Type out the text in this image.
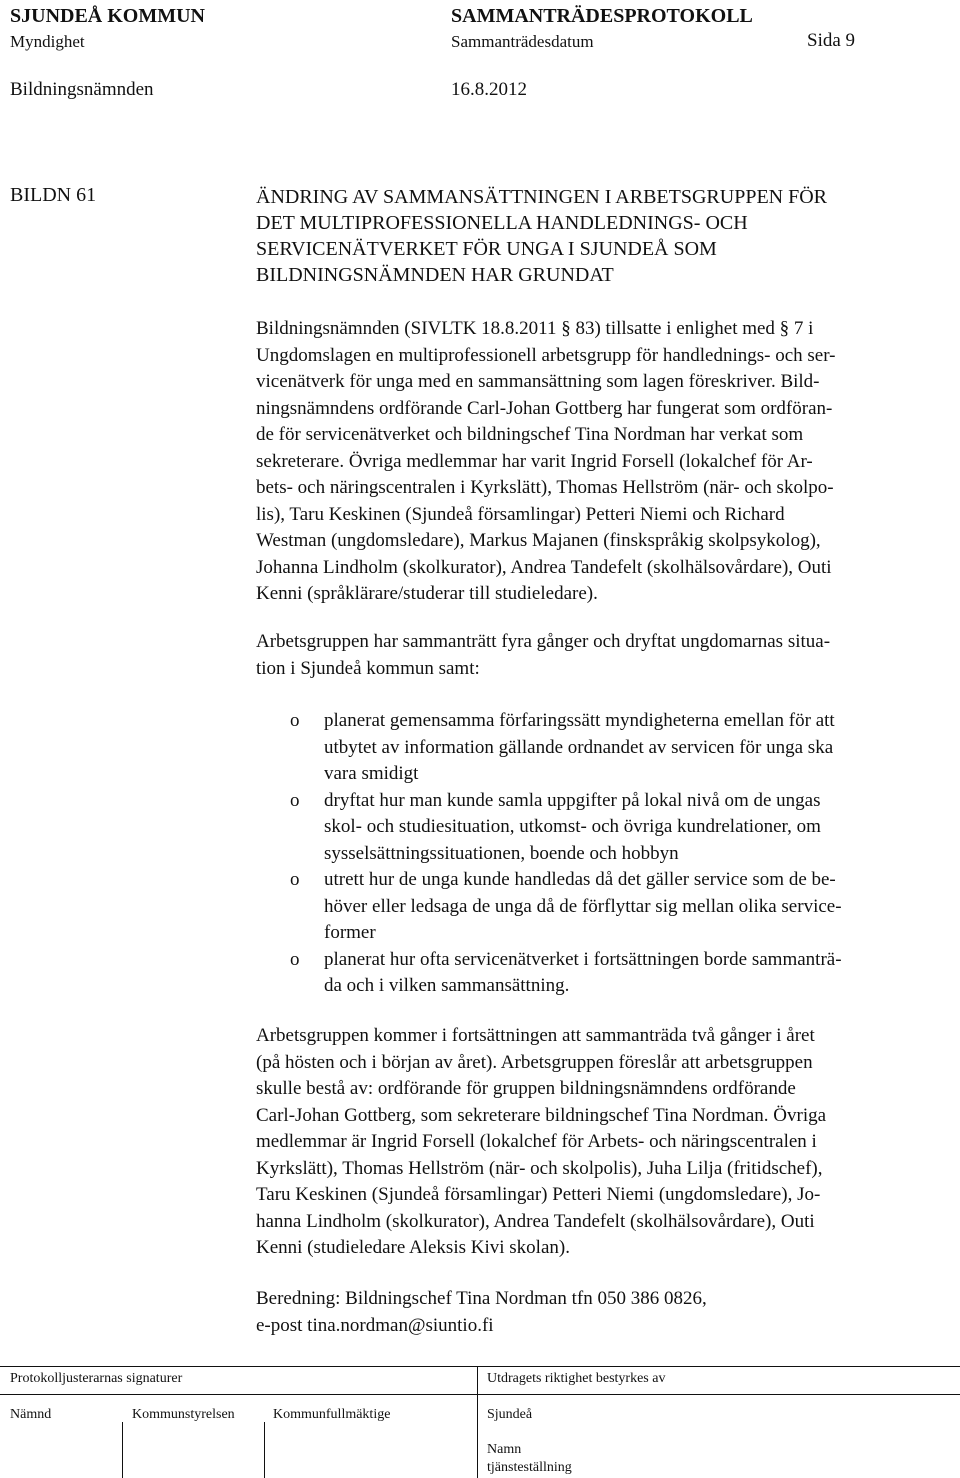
SJUNDEÅ KOMMUN	SAMMANTRÄDESPROTOKOLL
Myndighet	Sammanträdesdatum	Sida 9
Bildningsnämnden	16.8.2012
BILDN 61	ÄNDRING AV SAMMANSÄTTNINGEN I ARBETSGRUPPEN FÖR
DET MULTIPROFESSIONELLA HANDLEDNINGS- OCH
SERVICENÄTVERKET FÖR UNGA I SJUNDEÅ SOM
BILDNINGSNÄMNDEN HAR GRUNDAT
Bildningsnämnden (SIVLTK 18.8.2011 § 83) tillsatte i enlighet med § 7 i
Ungdomslagen en multiprofessionell arbetsgrupp för handlednings- och ser-
vicenätverk för unga med en sammansättning som lagen föreskriver. Bild-
ningsnämndens ordförande Carl-Johan Gottberg har fungerat som ordföran-
de för servicenätverket och bildningschef Tina Nordman har verkat som
sekreterare. Övriga medlemmar har varit Ingrid Forsell (lokalchef för Ar-
bets- och näringscentralen i Kyrkslätt), Thomas Hellström (när- och skolpo-
lis), Taru Keskinen (Sjundeå församlingar) Petteri Niemi och Richard
Westman (ungdomsledare), Markus Majanen (finskspråkig skolpsykolog),
Johanna Lindholm (skolkurator), Andrea Tandefelt (skolhälsovårdare), Outi
Kenni (språklärare/studerar till studieledare).
Arbetsgruppen har sammanträtt fyra gånger och dryftat ungdomarnas situa-
tion i Sjundeå kommun samt:
o planerat gemensamma förfaringssätt myndigheterna emellan för att
utbytet av information gällande ordnandet av servicen för unga ska
vara smidigt
o dryftat hur man kunde samla uppgifter på lokal nivå om de ungas
skol- och studiesituation, utkomst- och övriga kundrelationer, om
sysselsättningssituationen, boende och hobbyn
o utrett hur de unga kunde handledas då det gäller service som de be-
höver eller ledsaga de unga då de förflyttar sig mellan olika service-
former
o planerat hur ofta servicenätverket i fortsättningen borde sammanträ-
da och i vilken sammansättning.
Arbetsgruppen kommer i fortsättningen att sammanträda två gånger i året
(på hösten och i början av året). Arbetsgruppen föreslår att arbetsgruppen
skulle bestå av: ordförande för gruppen bildningsnämndens ordförande
Carl-Johan Gottberg, som sekreterare bildningschef Tina Nordman. Övriga
medlemmar är Ingrid Forsell (lokalchef för Arbets- och näringscentralen i
Kyrkslätt), Thomas Hellström (när- och skolpolis), Juha Lilja (fritidschef),
Taru Keskinen (Sjundeå församlingar) Petteri Niemi (ungdomsledare), Jo-
hanna Lindholm (skolkurator), Andrea Tandefelt (skolhälsovårdare), Outi
Kenni (studieledare Aleksis Kivi skolan).
Beredning: Bildningschef Tina Nordman tfn 050 386 0826,
e-post tina.nordman@siuntio.fi
Protokolljusterarnas signaturer	Utdragets riktighet bestyrkes av
Nämnd	Kommunstyrelsen	Kommunfullmäktige	Sjundeå
Namn
tjänsteställning
